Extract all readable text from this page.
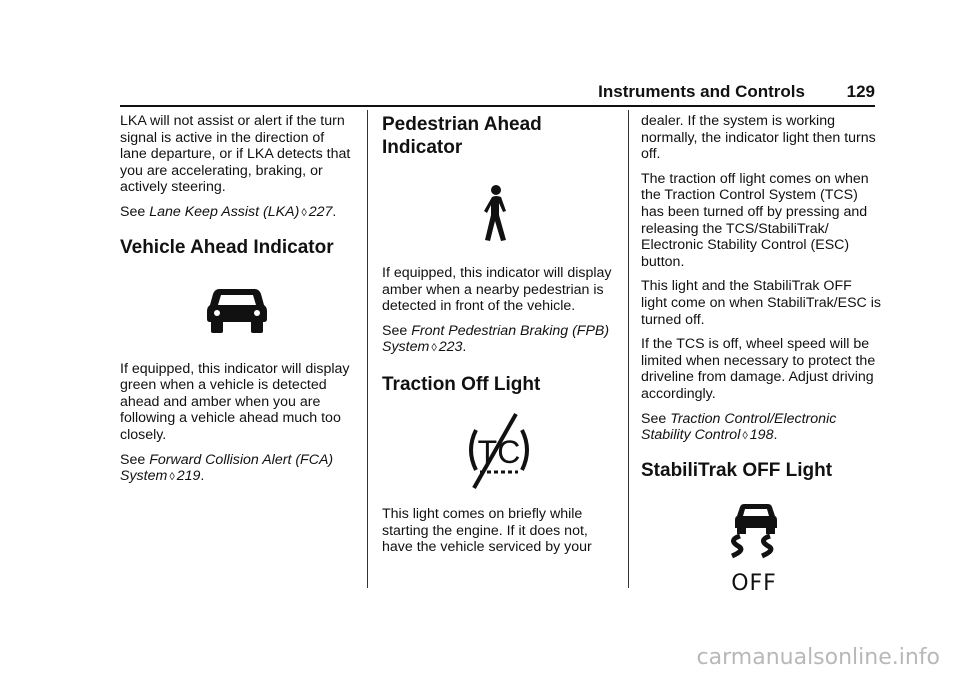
Instruments and Controls 129

LKA will not assist or alert if the turn signal is active in the direction of lane departure, or if LKA detects that you are accelerating, braking, or actively steering.

See Lane Keep Assist (LKA) ◊ 227.

Vehicle Ahead Indicator

If equipped, this indicator will display green when a vehicle is detected ahead and amber when you are following a vehicle ahead much too closely.

See Forward Collision Alert (FCA) System ◊ 219.

Pedestrian Ahead Indicator

If equipped, this indicator will display amber when a nearby pedestrian is detected in front of the vehicle.

See Front Pedestrian Braking (FPB) System ◊ 223.

Traction Off Light
TC

This light comes on briefly while starting the engine. If it does not, have the vehicle serviced by your

dealer. If the system is working normally, the indicator light then turns off.

The traction off light comes on when the Traction Control System (TCS) has been turned off by pressing and releasing the TCS/StabiliTrak/ Electronic Stability Control (ESC) button.

This light and the StabiliTrak OFF light come on when StabiliTrak/ESC is turned off.

If the TCS is off, wheel speed will be limited when necessary to protect the driveline from damage. Adjust driving accordingly.

See Traction Control/Electronic Stability Control ◊ 198.

StabiliTrak OFF Light
OFF
carmanualsonline.info
